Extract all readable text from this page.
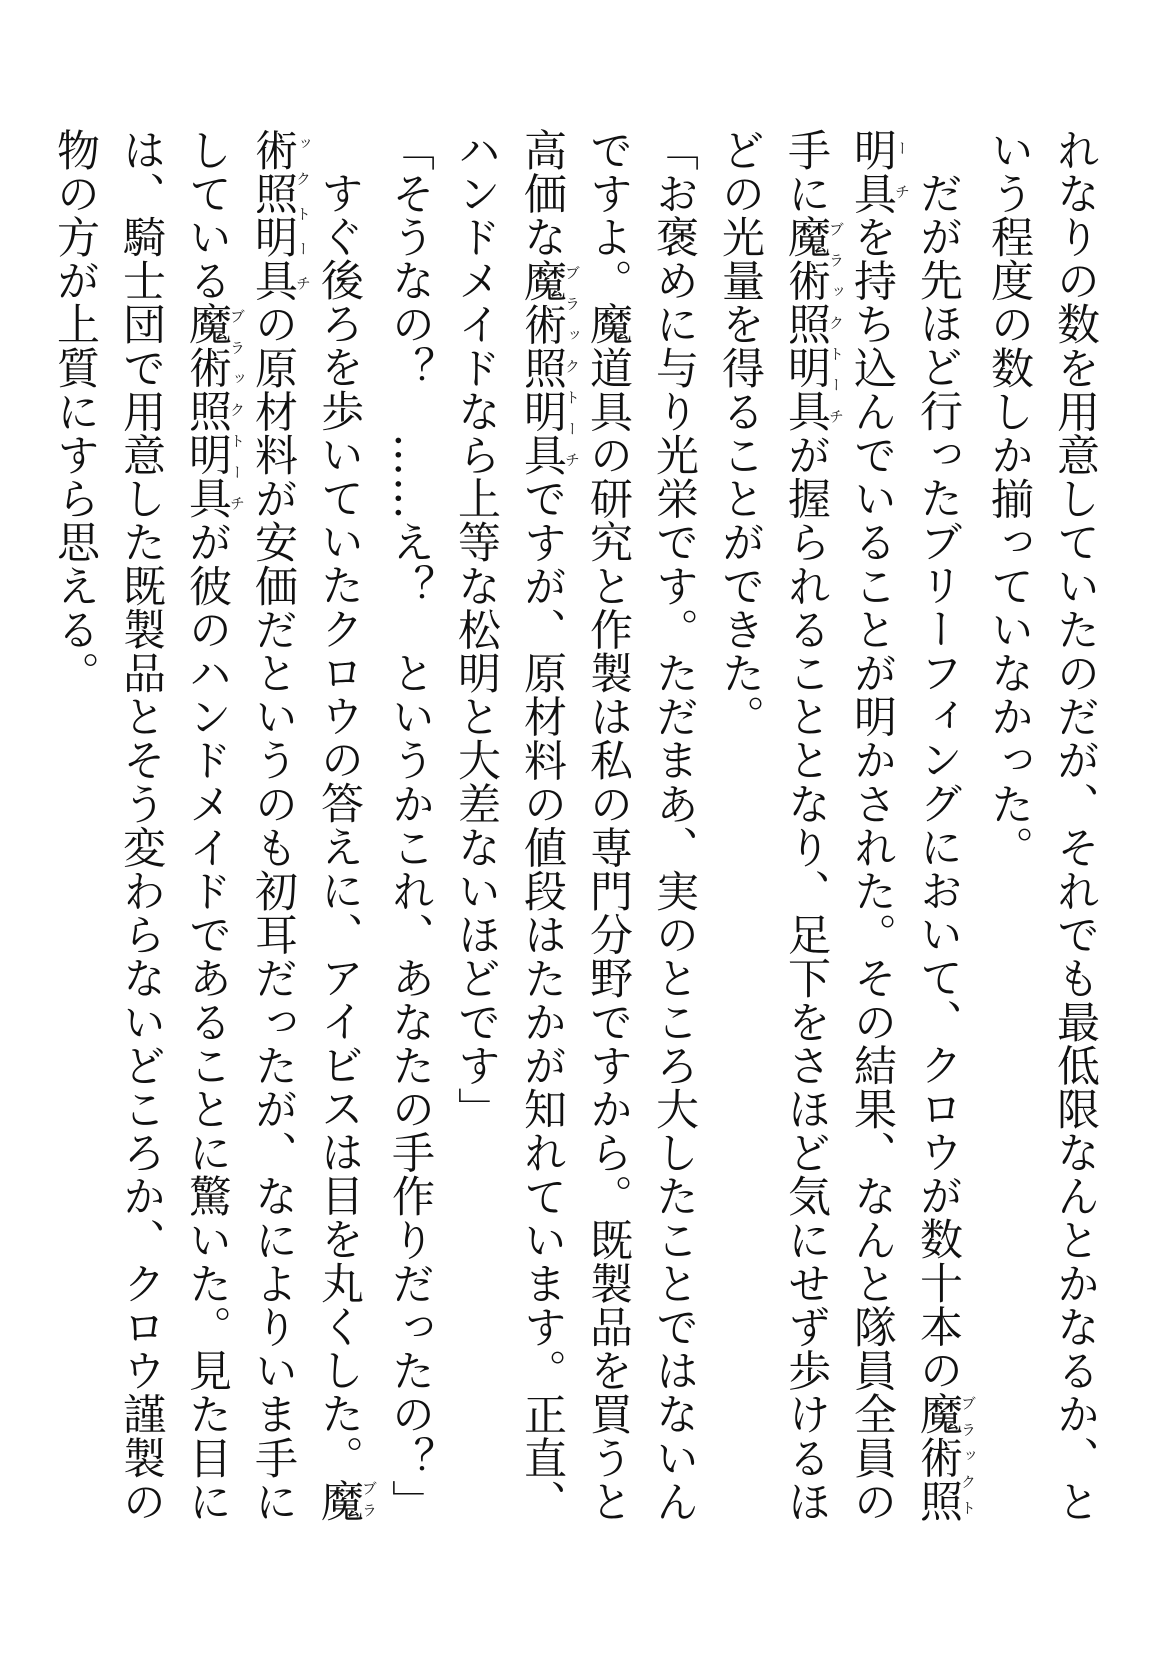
れなりの数を用意していたのだが、それでも最低限なんとかなるか、という程度の数しか揃っていなかった。

だが先ほど行ったブリーフィングにおいて、クロウが数十本の魔術照明具ブラックトーチを持ち込んでいることが明かされた。その結果、なんと隊員全員の手に魔術照明具ブラックトーチが握られることとなり、足下をさほど気にせず歩けるほどの光量を得ることができた。

「お褒めに与り光栄です。ただまあ、実のところ大したことではないんですよ。魔道具の研究と作製は私の専門分野ですから。既製品を買うと高価な魔術照明具ブラックトーチですが、原材料の値段はたかが知れています。正直、ハンドメイドなら上等な松明と大差ないほどです」

「そうなの？　……え？　というかこれ、あなたの手作りだったの？」

すぐ後ろを歩いていたクロウの答えに、アイビスは目を丸くした。魔術照明具ブラックトーチの原材料が安価だというのも初耳だったが、なによりいま手にしている魔術照明具ブラックトーチが彼のハンドメイドであることに驚いた。見た目には、騎士団で用意した既製品とそう変わらないどころか、クロウ謹製の物の方が上質にすら思える。
